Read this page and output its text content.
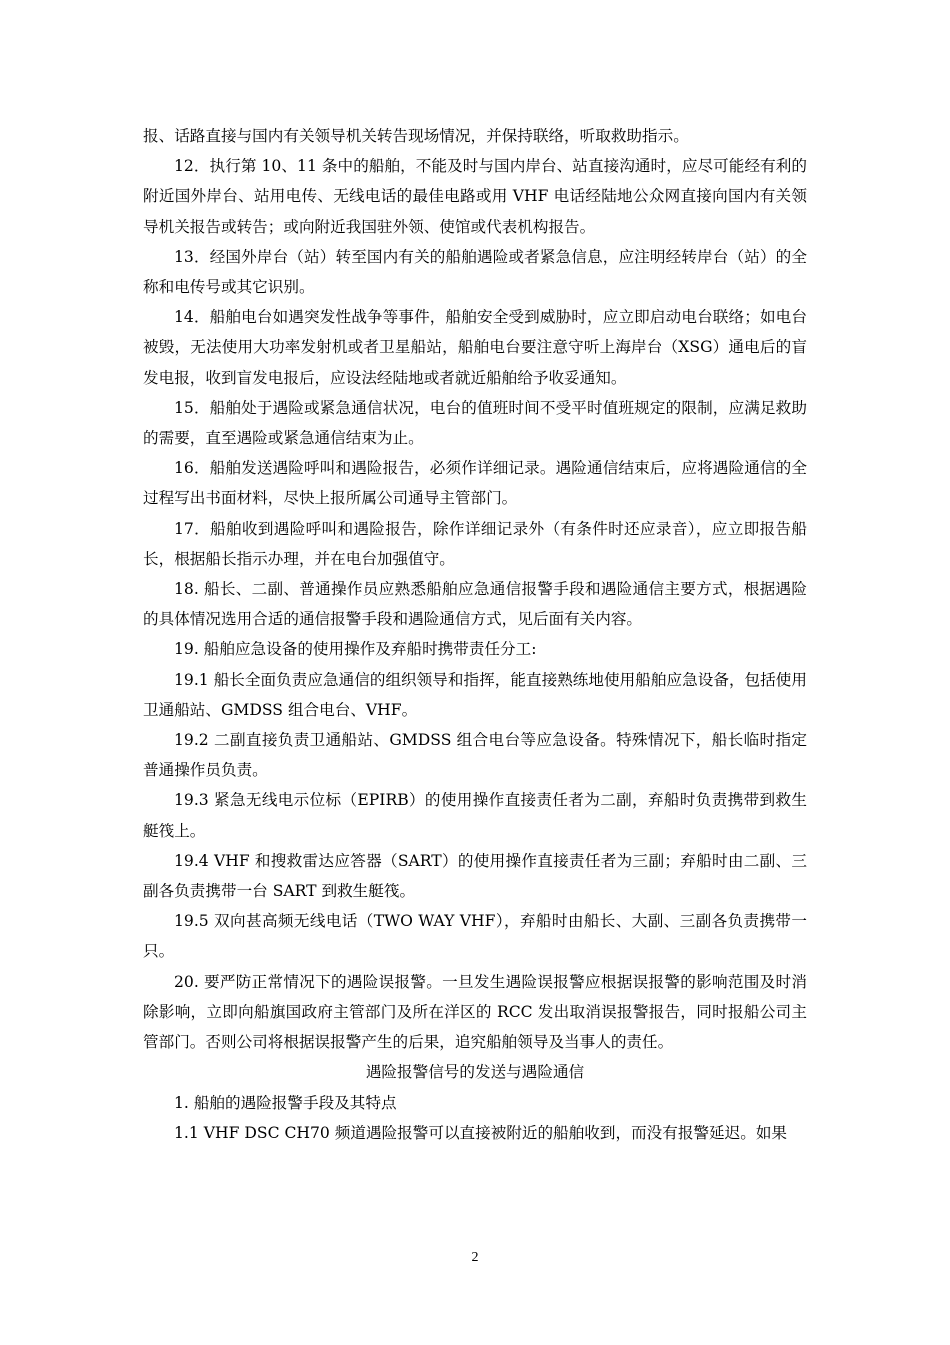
报、话路直接与国内有关领导机关转告现场情况，并保持联络，听取救助指示。

12．执行第 10、11 条中的船舶，不能及时与国内岸台、站直接沟通时，应尽可能经有利的附近国外岸台、站用电传、无线电话的最佳电路或用 VHF 电话经陆地公众网直接向国内有关领导机关报告或转告；或向附近我国驻外领、使馆或代表机构报告。

13．经国外岸台（站）转至国内有关的船舶遇险或者紧急信息，应注明经转岸台（站）的全称和电传号或其它识别。

14．船舶电台如遇突发性战争等事件，船舶安全受到威胁时，应立即启动电台联络；如电台被毁，无法使用大功率发射机或者卫星船站，船舶电台要注意守听上海岸台（XSG）通电后的盲发电报，收到盲发电报后，应设法经陆地或者就近船舶给予收妥通知。

15．船舶处于遇险或紧急通信状况，电台的值班时间不受平时值班规定的限制，应满足救助的需要，直至遇险或紧急通信结束为止。

16．船舶发送遇险呼叫和遇险报告，必须作详细记录。遇险通信结束后，应将遇险通信的全过程写出书面材料，尽快上报所属公司通导主管部门。

17．船舶收到遇险呼叫和遇险报告，除作详细记录外（有条件时还应录音），应立即报告船长，根据船长指示办理，并在电台加强值守。

18. 船长、二副、普通操作员应熟悉船舶应急通信报警手段和遇险通信主要方式，根据遇险的具体情况选用合适的通信报警手段和遇险通信方式，见后面有关内容。

19. 船舶应急设备的使用操作及弃船时携带责任分工:

19.1 船长全面负责应急通信的组织领导和指挥，能直接熟练地使用船舶应急设备，包括使用卫通船站、GMDSS 组合电台、VHF。

19.2 二副直接负责卫通船站、GMDSS 组合电台等应急设备。特殊情况下，船长临时指定普通操作员负责。

19.3 紧急无线电示位标（EPIRB）的使用操作直接责任者为二副，弃船时负责携带到救生艇筏上。

19.4 VHF 和搜救雷达应答器（SART）的使用操作直接责任者为三副；弃船时由二副、三副各负责携带一台 SART 到救生艇筏。

19.5 双向甚高频无线电话（TWO WAY VHF），弃船时由船长、大副、三副各负责携带一只。

20. 要严防正常情况下的遇险误报警。一旦发生遇险误报警应根据误报警的影响范围及时消除影响，立即向船旗国政府主管部门及所在洋区的 RCC 发出取消误报警报告，同时报船公司主管部门。否则公司将根据误报警产生的后果，追究船舶领导及当事人的责任。

遇险报警信号的发送与遇险通信

1. 船舶的遇险报警手段及其特点

1.1 VHF DSC CH70 频道遇险报警可以直接被附近的船舶收到，而没有报警延迟。如果

2
